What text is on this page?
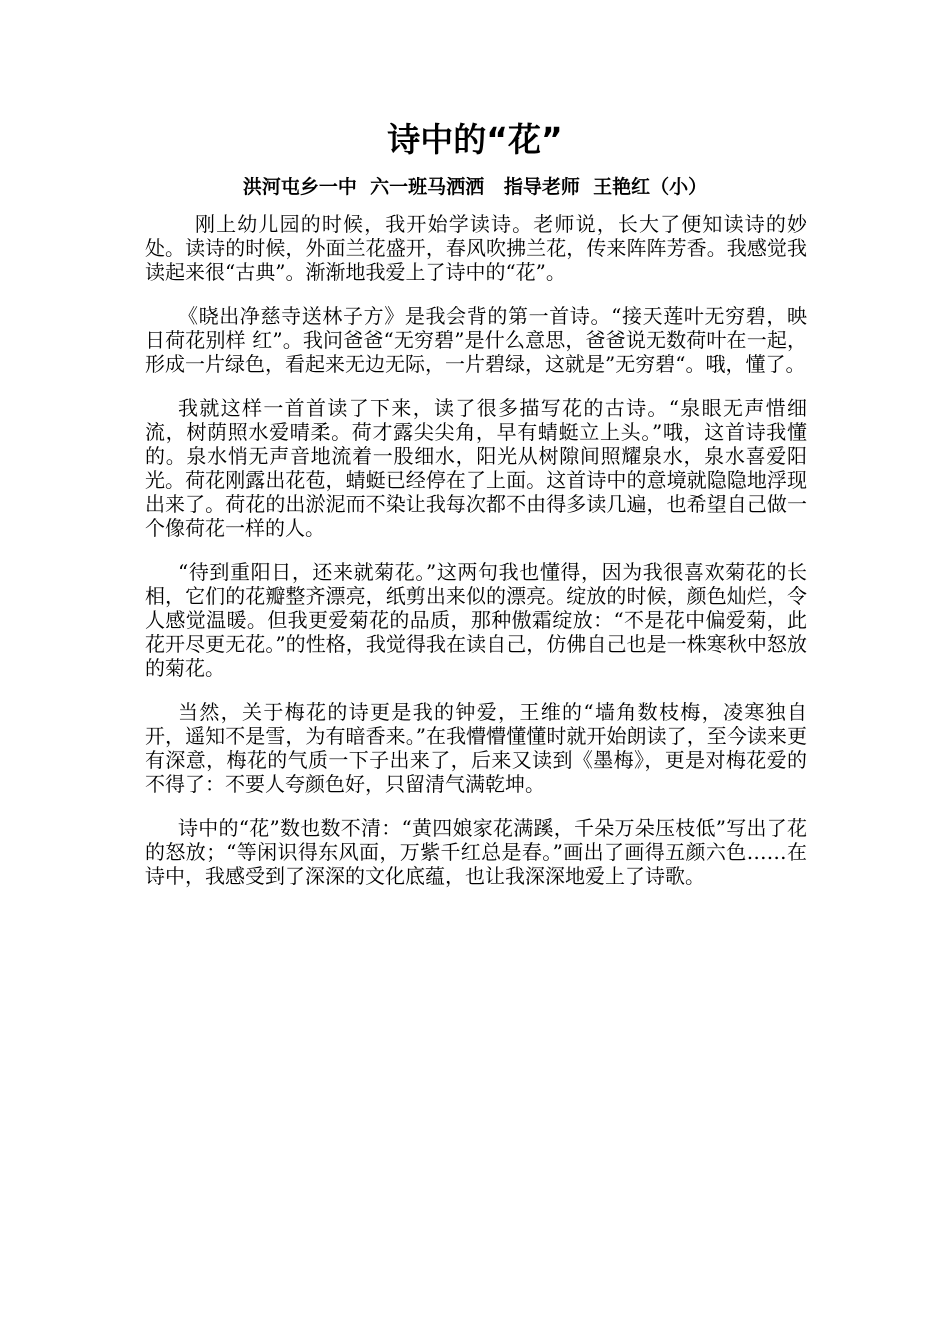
诗中的“花”

洪河屯乡一中  六一班马洒洒   指导老师  王艳红（小）

刚上幼儿园的时候，我开始学读诗。老师说，长大了便知读诗的妙处。读诗的时候，外面兰花盛开，春风吹拂兰花，传来阵阵芳香。我感觉我读起来很“古典”。渐渐地我爱上了诗中的“花”。

《晓出净慈寺送林子方》是我会背的第一首诗。“接天莲叶无穷碧，映日荷花别样 红”。我问爸爸“无穷碧”是什么意思，爸爸说无数荷叶在一起，形成一片绿色，看起来无边无际，一片碧绿，这就是”无穷碧“。哦，懂了。

我就这样一首首读了下来，读了很多描写花的古诗。“泉眼无声惜细流，树荫照水爱晴柔。荷才露尖尖角，早有蜻蜓立上头。”哦，这首诗我懂的。泉水悄无声音地流着一股细水，阳光从树隙间照耀泉水，泉水喜爱阳光。荷花刚露出花苞，蜻蜓已经停在了上面。这首诗中的意境就隐隐地浮现出来了。荷花的出淤泥而不染让我每次都不由得多读几遍，也希望自己做一个像荷花一样的人。

“待到重阳日，还来就菊花。”这两句我也懂得，因为我很喜欢菊花的长相，它们的花瓣整齐漂亮，纸剪出来似的漂亮。绽放的时候，颜色灿烂，令人感觉温暖。但我更爱菊花的品质，那种傲霜绽放：“不是花中偏爱菊，此花开尽更无花。”的性格，我觉得我在读自己，仿佛自己也是一株寒秋中怒放的菊花。

当然，关于梅花的诗更是我的钟爱，王维的“墙角数枝梅，凌寒独自开，遥知不是雪，为有暗香来。”在我懵懵懂懂时就开始朗读了，至今读来更有深意，梅花的气质一下子出来了，后来又读到《墨梅》，更是对梅花爱的不得了：不要人夸颜色好，只留清气满乾坤。

诗中的“花”数也数不清：“黄四娘家花满蹊，千朵万朵压枝低”写出了花的怒放；“等闲识得东风面，万紫千红总是春。”画出了画得五颜六色……在诗中，我感受到了深深的文化底蕴，也让我深深地爱上了诗歌。
